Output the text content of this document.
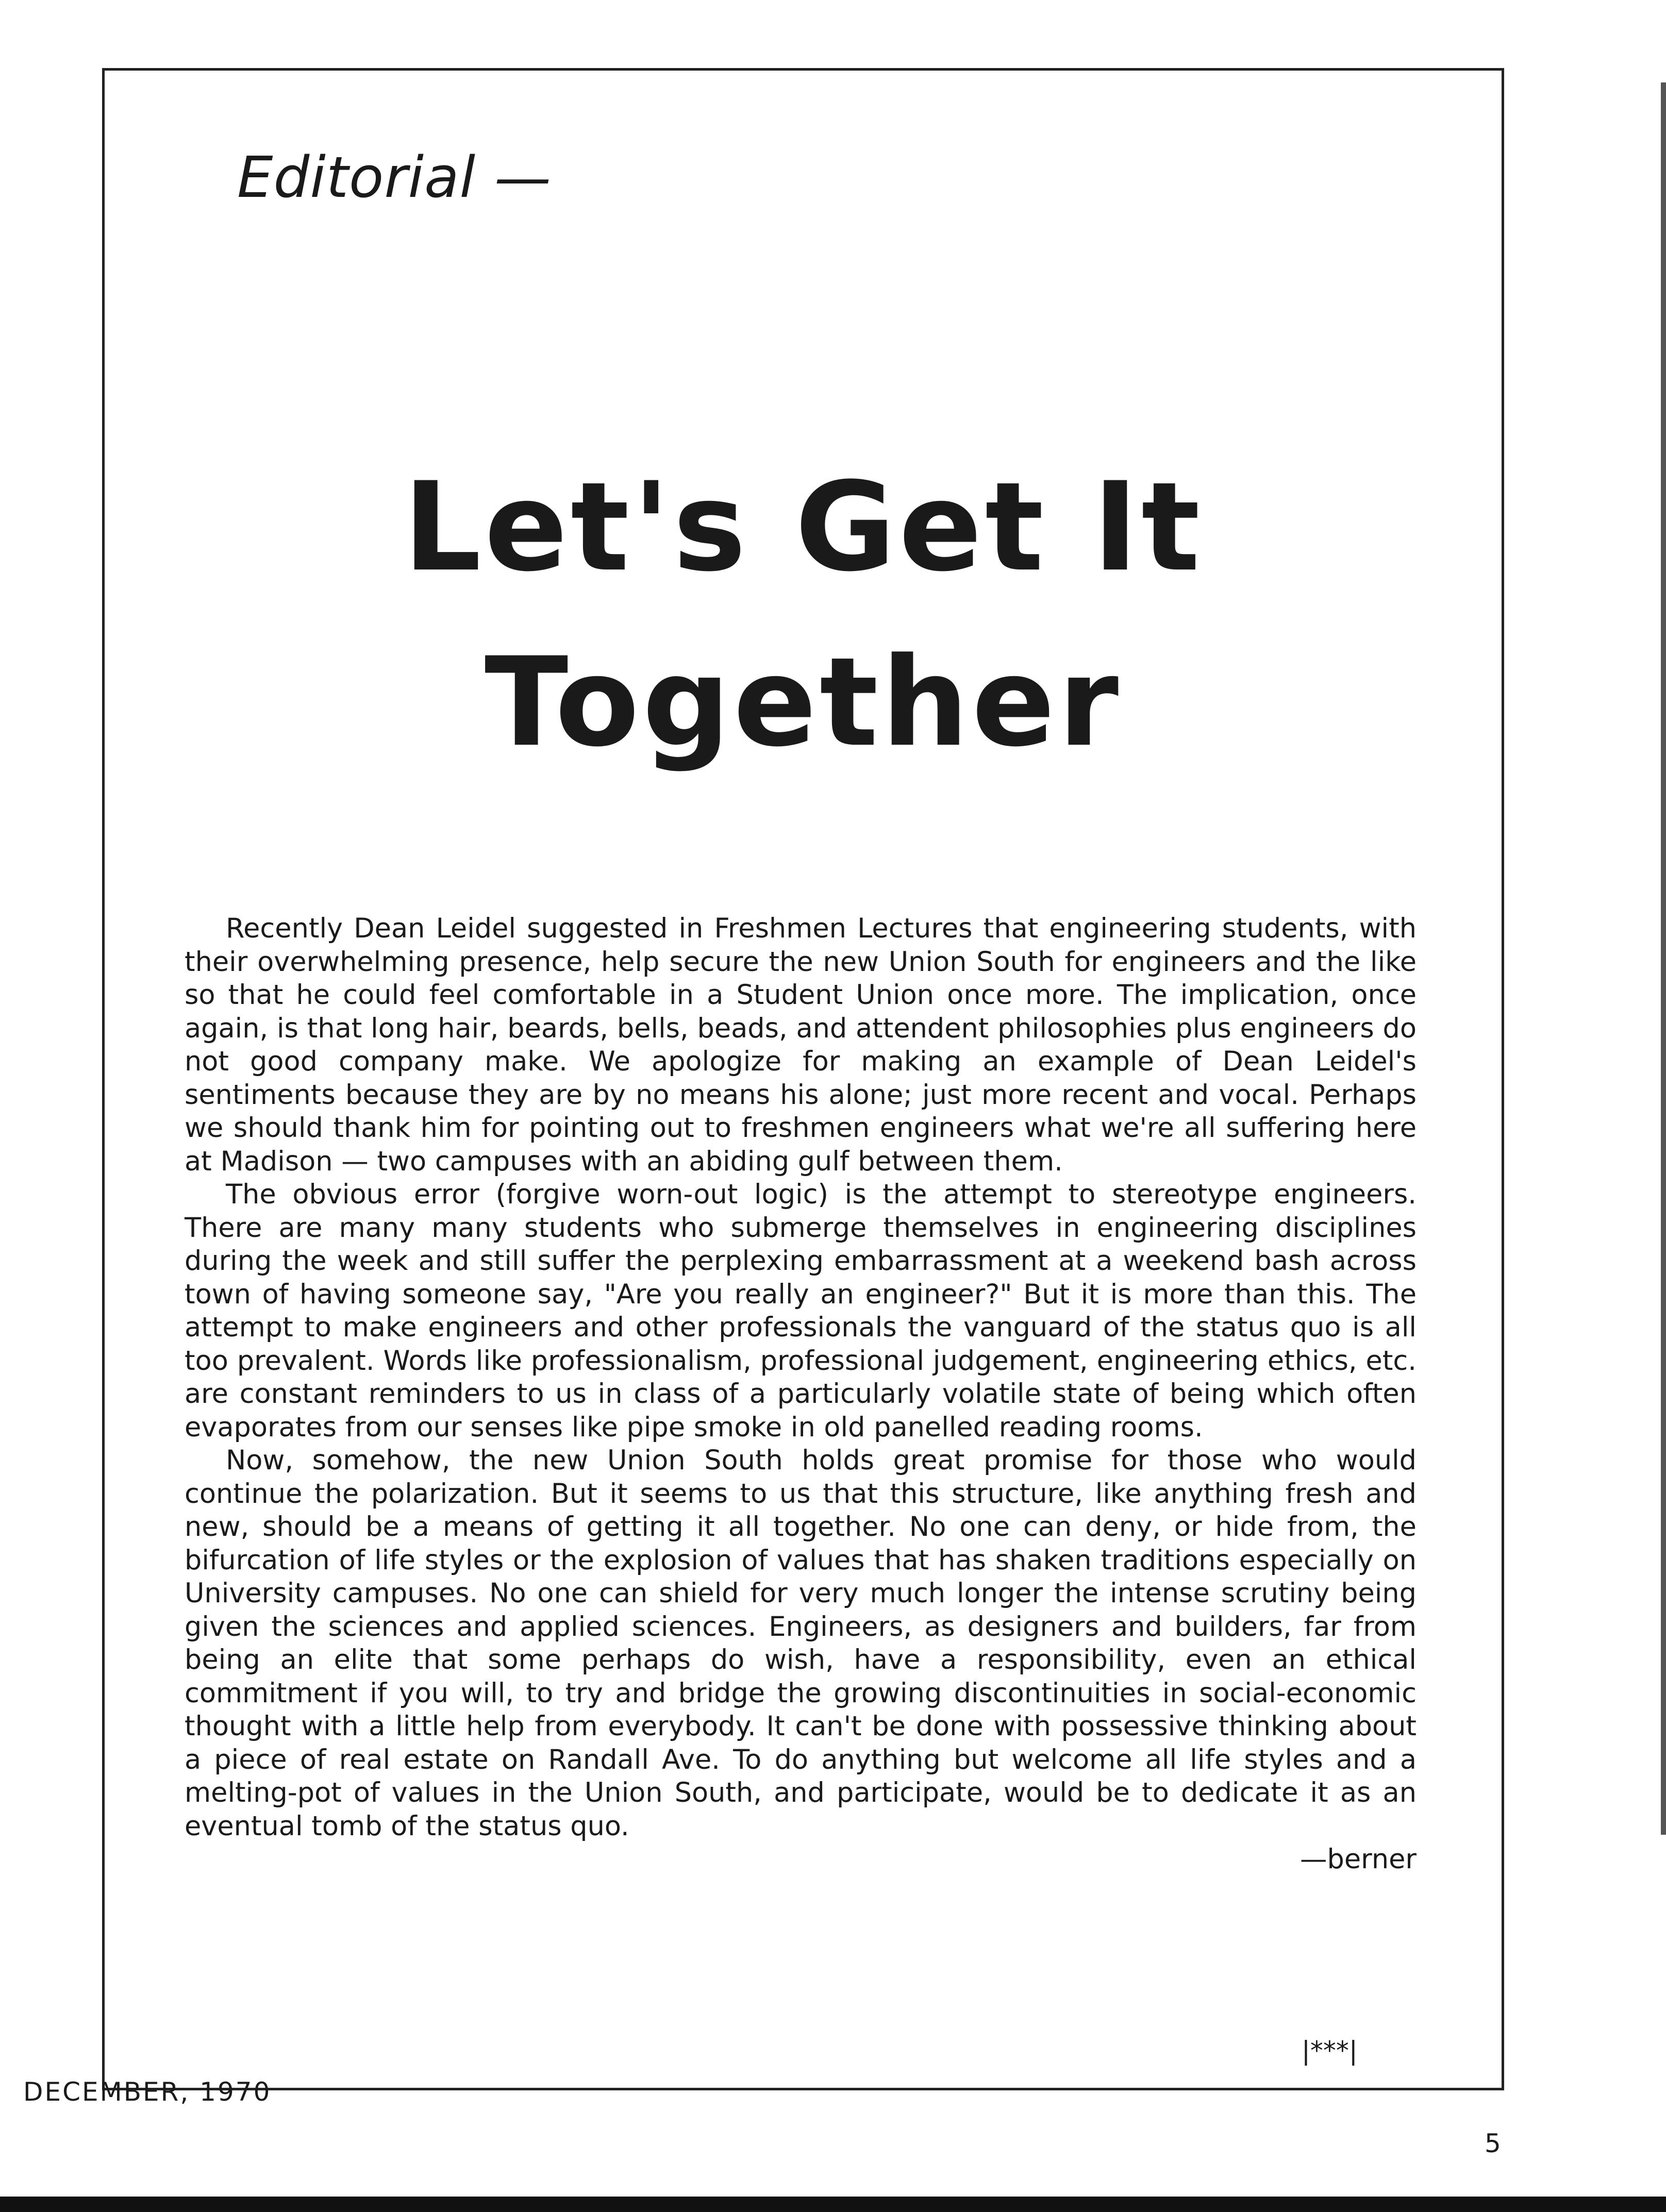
Editorial —
Let's Get It
Together

Recently Dean Leidel suggested in Freshmen Lectures that engineering students, with their overwhelming presence, help secure the new Union South for engineers and the like so that he could feel comfortable in a Student Union once more. The implication, once again, is that long hair, beards, bells, beads, and attendent philosophies plus engineers do not good company make. We apologize for making an example of Dean Leidel's sentiments because they are by no means his alone; just more recent and vocal. Perhaps we should thank him for pointing out to freshmen engineers what we're all suffering here at Madison — two campuses with an abiding gulf between them.

The obvious error (forgive worn-out logic) is the attempt to stereotype engineers. There are many many students who submerge themselves in engineering disciplines during the week and still suffer the perplexing embarrassment at a weekend bash across town of having someone say, "Are you really an engineer?" But it is more than this. The attempt to make engineers and other professionals the vanguard of the status quo is all too prevalent. Words like professionalism, professional judgement, engineering ethics, etc. are constant reminders to us in class of a particularly volatile state of being which often evaporates from our senses like pipe smoke in old panelled reading rooms.

Now, somehow, the new Union South holds great promise for those who would continue the polarization. But it seems to us that this structure, like anything fresh and new, should be a means of getting it all together. No one can deny, or hide from, the bifurcation of life styles or the explosion of values that has shaken traditions especially on University campuses. No one can shield for very much longer the intense scrutiny being given the sciences and applied sciences. Engineers, as designers and builders, far from being an elite that some perhaps do wish, have a responsibility, even an ethical commitment if you will, to try and bridge the growing discontinuities in social-economic thought with a little help from everybody. It can't be done with possessive thinking about a piece of real estate on Randall Ave. To do anything but welcome all life styles and a melting-pot of values in the Union South, and participate, would be to dedicate it as an eventual tomb of the status quo.

—berner
|***|
DECEMBER, 1970
5
